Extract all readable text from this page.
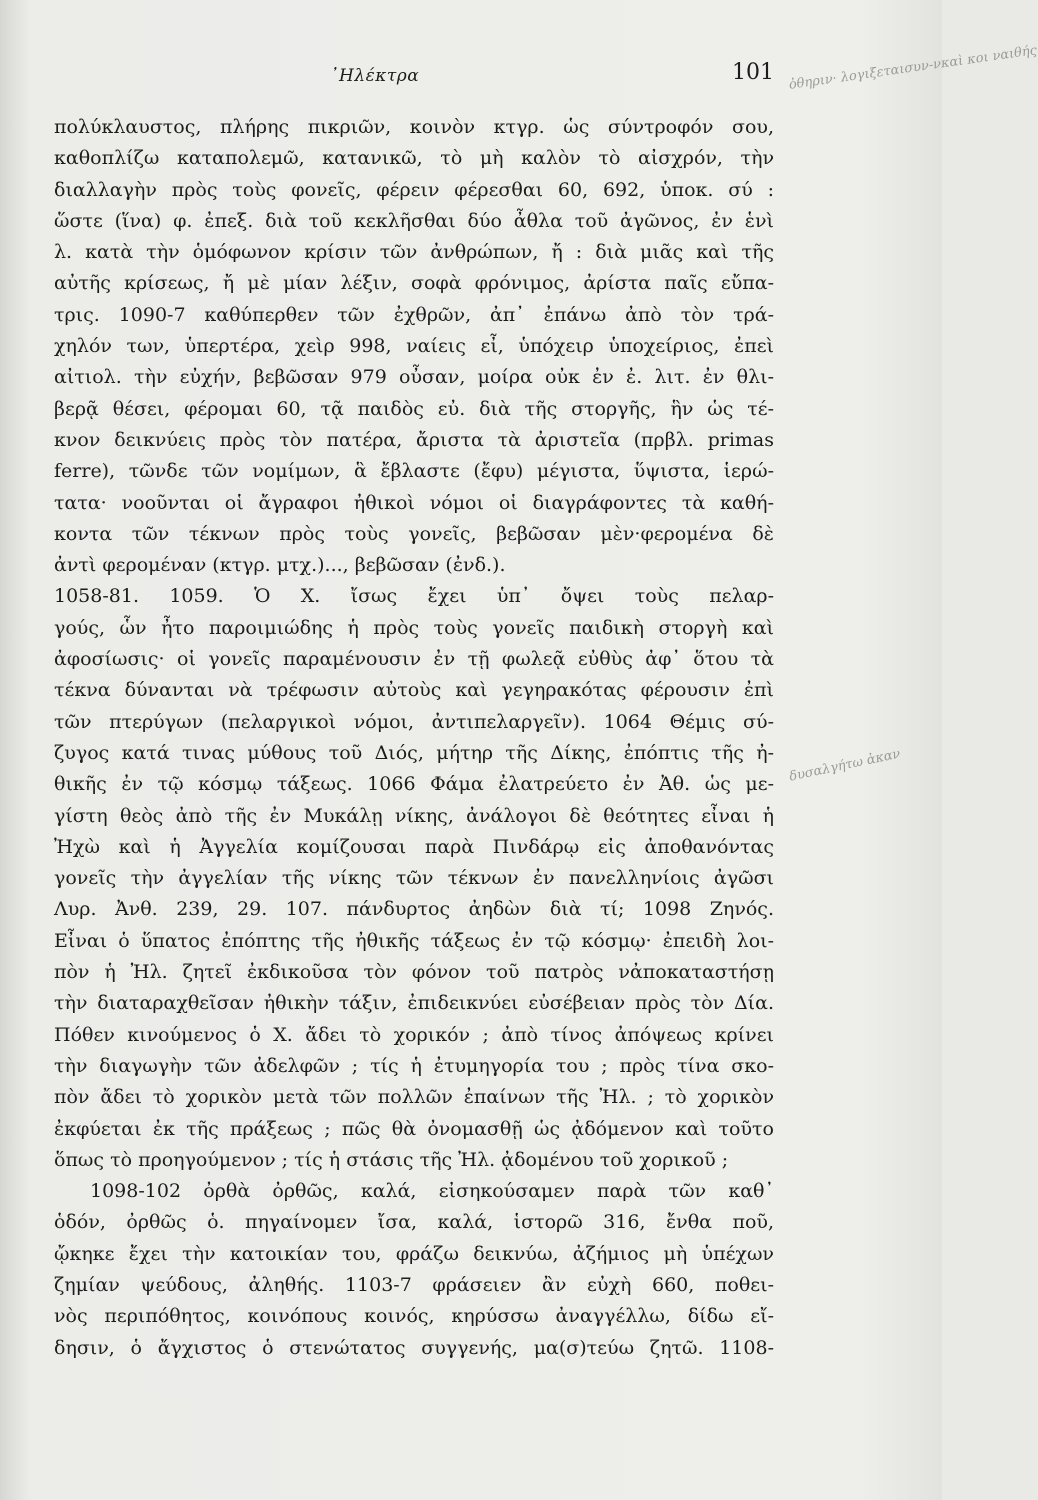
᾿Ηλέκτρα	101 ὀθηριν· λογιξεταισυν-νκαὶ κοι ναιθής
δυσαλγήτω ἀκαν
πολύκλαυστος, πλήρης πικριῶν, κοινὸν κτγρ. ὡς σύντροφόν σου,
καθοπλίζω καταπολεμῶ, κατανικῶ, τὸ μὴ καλὸν τὸ αἰσχρόν, τὴν
διαλλαγὴν πρὸς τοὺς φονεῖς, φέρειν φέρεσθαι 60, 692, ὑποκ. σύ :
ὥστε (ἵνα) φ. ἐπεξ. διὰ τοῦ κεκλῆσθαι δύο ἆθλα τοῦ ἀγῶνος, ἐν ἑνὶ
λ. κατὰ τὴν ὁμόφωνον κρίσιν τῶν ἀνθρώπων, ἤ : διὰ μιᾶς καὶ τῆς
αὐτῆς κρίσεως, ἤ μὲ μίαν λέξιν, σοφὰ φρόνιμος, ἀρίστα παῖς εὔπα-
τρις. 1090-7 καθύπερθεν τῶν ἐχθρῶν, ἀπ᾿ ἐπάνω ἀπὸ τὸν τρά-
χηλόν των, ὑπερτέρα, χεὶρ 998, ναίεις εἶ, ὑπόχειρ ὑποχείριος, ἐπεὶ
αἰτιολ. τὴν εὐχήν, βεβῶσαν 979 οὖσαν, μοίρα οὐκ ἐν ἐ. λιτ. ἐν θλι-
βερᾷ θέσει, φέρομαι 60, τᾷ παιδὸς εὐ. διὰ τῆς στοργῆς, ἣν ὡς τέ-
κνον δεικνύεις πρὸς τὸν πατέρα, ἄριστα τὰ ἀριστεῖα (πρβλ. primas
ferre), τῶνδε τῶν νομίμων, ἃ ἔβλαστε (ἔφυ) μέγιστα, ὕψιστα, ἱερώ-
τατα· νοοῦνται οἱ ἄγραφοι ἠθικοὶ νόμοι οἱ διαγράφοντες τὰ καθή-
κοντα τῶν τέκνων πρὸς τοὺς γονεῖς, βεβῶσαν μὲν·φερομένα δὲ
ἀντὶ φερομέναν (κτγρ. μτχ.)..., βεβῶσαν (ἐνδ.).
1058-81. 1059. Ὁ Χ. ἴσως ἔχει ὑπ᾿ ὄψει τοὺς πελαρ-
γούς, ὧν ἦτο παροιμιώδης ἡ πρὸς τοὺς γονεῖς παιδικὴ στοργὴ καὶ
ἀφοσίωσις· οἱ γονεῖς παραμένουσιν ἐν τῇ φωλεᾷ εὐθὺς ἀφ᾿ ὅτου τὰ
τέκνα δύνανται νὰ τρέφωσιν αὐτοὺς καὶ γεγηρακότας φέρουσιν ἐπὶ
τῶν πτερύγων (πελαργικοὶ νόμοι, ἀντιπελαργεῖν). 1064 Θέμις σύ-
ζυγος κατά τινας μύθους τοῦ Διός, μήτηρ τῆς Δίκης, ἐπόπτις τῆς ἠ-
θικῆς ἐν τῷ κόσμῳ τάξεως. 1066 Φάμα ἐλατρεύετο ἐν Ἀθ. ὡς με-
γίστη θεὸς ἀπὸ τῆς ἐν Μυκάλῃ νίκης, ἀνάλογοι δὲ θεότητες εἶναι ἡ
Ἠχὼ καὶ ἡ Ἀγγελία κομίζουσαι παρὰ Πινδάρῳ εἰς ἀποθανόντας
γονεῖς τὴν ἀγγελίαν τῆς νίκης τῶν τέκνων ἐν πανελληνίοις ἀγῶσι
Λυρ. Ἀνθ. 239, 29. 107. πάνδυρτος ἀηδὼν διὰ τί; 1098 Ζηνός.
Εἶναι ὁ ὕπατος ἐπόπτης τῆς ἠθικῆς τάξεως ἐν τῷ κόσμῳ· ἐπειδὴ λοι-
πὸν ἡ Ἠλ. ζητεῖ ἐκδικοῦσα τὸν φόνον τοῦ πατρὸς νἀποκαταστήσῃ
τὴν διαταραχθεῖσαν ἠθικὴν τάξιν, ἐπιδεικνύει εὐσέβειαν πρὸς τὸν Δία.
Πόθεν κινούμενος ὁ Χ. ἄδει τὸ χορικόν ; ἀπὸ τίνος ἀπόψεως κρίνει
τὴν διαγωγὴν τῶν ἀδελφῶν ; τίς ἡ ἐτυμηγορία του ; πρὸς τίνα σκο-
πὸν ἄδει τὸ χορικὸν μετὰ τῶν πολλῶν ἐπαίνων τῆς Ἠλ. ; τὸ χορικὸν
ἐκφύεται ἐκ τῆς πράξεως ; πῶς θὰ ὀνομασθῇ ὡς ᾀδόμενον καὶ τοῦτο
ὅπως τὸ προηγούμενον ; τίς ἡ στάσις τῆς Ἠλ. ᾀδομένου τοῦ χορικοῦ ;
1098-102 ὀρθὰ ὀρθῶς, καλά, εἰσηκούσαμεν παρὰ τῶν καθ᾿
ὁδόν, ὀρθῶς ὁ. πηγαίνομεν ἴσα, καλά, ἱστορῶ 316, ἔνθα ποῦ,
ᾤκηκε ἔχει τὴν κατοικίαν του, φράζω δεικνύω, ἀζήμιος μὴ ὑπέχων
ζημίαν ψεύδους, ἀληθής. 1103-7 φράσειεν ἂν εὐχὴ 660, ποθει-
νὸς περιπόθητος, κοινόπους κοινός, κηρύσσω ἀναγγέλλω, δίδω εἴ-
δησιν, ὁ ἄγχιστος ὁ στενώτατος συγγενής, μα(σ)τεύω ζητῶ. 1108-
